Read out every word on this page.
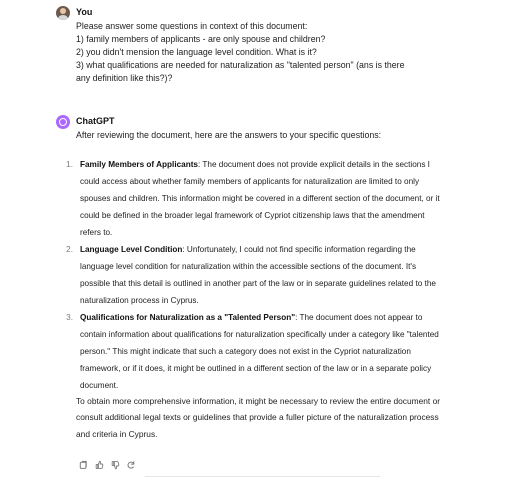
You
Please answer some questions in context of this document:
1) family members of applicants - are only spouse and children?
2) you didn't mension the language level condition. What is it?
3) what qualifications are needed for naturalization as "talented person" (ans is there
any definition like this?)?
ChatGPT
After reviewing the document, here are the answers to your specific questions:
1. Family Members of Applicants: The document does not provide explicit details in the sections I could access about whether family members of applicants for naturalization are limited to only spouses and children. This information might be covered in a different section of the document, or it could be defined in the broader legal framework of Cypriot citizenship laws that the amendment refers to.
2. Language Level Condition: Unfortunately, I could not find specific information regarding the language level condition for naturalization within the accessible sections of the document. It's possible that this detail is outlined in another part of the law or in separate guidelines related to the naturalization process in Cyprus.
3. Qualifications for Naturalization as a "Talented Person": The document does not appear to contain information about qualifications for naturalization specifically under a category like "talented person." This might indicate that such a category does not exist in the Cypriot naturalization framework, or if it does, it might be outlined in a different section of the law or in a separate policy document.
To obtain more comprehensive information, it might be necessary to review the entire document or consult additional legal texts or guidelines that provide a fuller picture of the naturalization process and criteria in Cyprus.
